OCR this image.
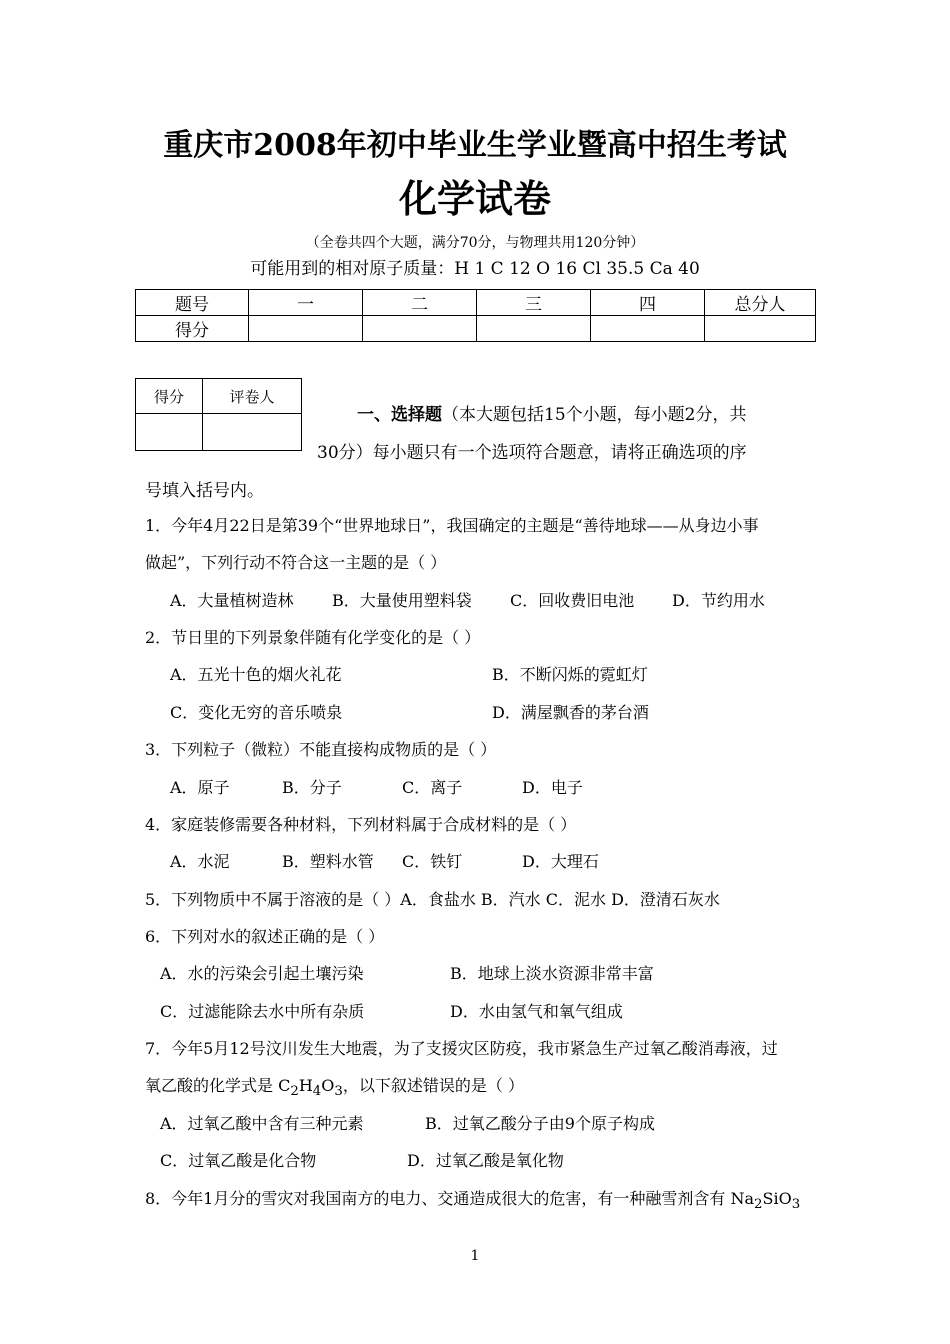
重庆市2008年初中毕业生学业暨高中招生考试
化学试卷
（全卷共四个大题，满分70分，与物理共用120分钟）
可能用到的相对原子质量：H 1 C 12 O 16 Cl 35.5 Ca 40
题号	一	二	三	四	总分人
得分					
得分	评卷人

一、选择题（本大题包括15个小题，每小题2分，共
30分）每小题只有一个选项符合题意，请将正确选项的序
号填入括号内。
1．今年4月22日是第39个“世界地球日”，我国确定的主题是“善待地球——从身边小事
做起”，下列行动不符合这一主题的是（ ）
A．大量植树造林 B．大量使用塑料袋 C．回收费旧电池 D．节约用水
2．节日里的下列景象伴随有化学变化的是（ ）
A．五光十色的烟火礼花	B．不断闪烁的霓虹灯
C．变化无穷的音乐喷泉	D．满屋飘香的茅台酒
3．下列粒子（微粒）不能直接构成物质的是（ ）
A．原子	B．分子	C．离子	D．电子
4．家庭装修需要各种材料，下列材料属于合成材料的是（ ）
A．水泥	B．塑料水管 C．铁钉	D．大理石
5．下列物质中不属于溶液的是（ ）A．食盐水 B．汽水 C．泥水 D．澄清石灰水
6．下列对水的叙述正确的是（ ）
A．水的污染会引起土壤污染	B．地球上淡水资源非常丰富
C．过滤能除去水中所有杂质	D．水由氢气和氧气组成
7．今年5月12号汶川发生大地震，为了支援灾区防疫，我市紧急生产过氧乙酸消毒液，过
氧乙酸的化学式是 $C_2H_4O_3$，以下叙述错误的是（ ）
A．过氧乙酸中含有三种元素	B．过氧乙酸分子由9个原子构成
C．过氧乙酸是化合物	D．过氧乙酸是氧化物
8．今年1月分的雪灾对我国南方的电力、交通造成很大的危害，有一种融雪剂含有 $Na_2SiO_3$
1
